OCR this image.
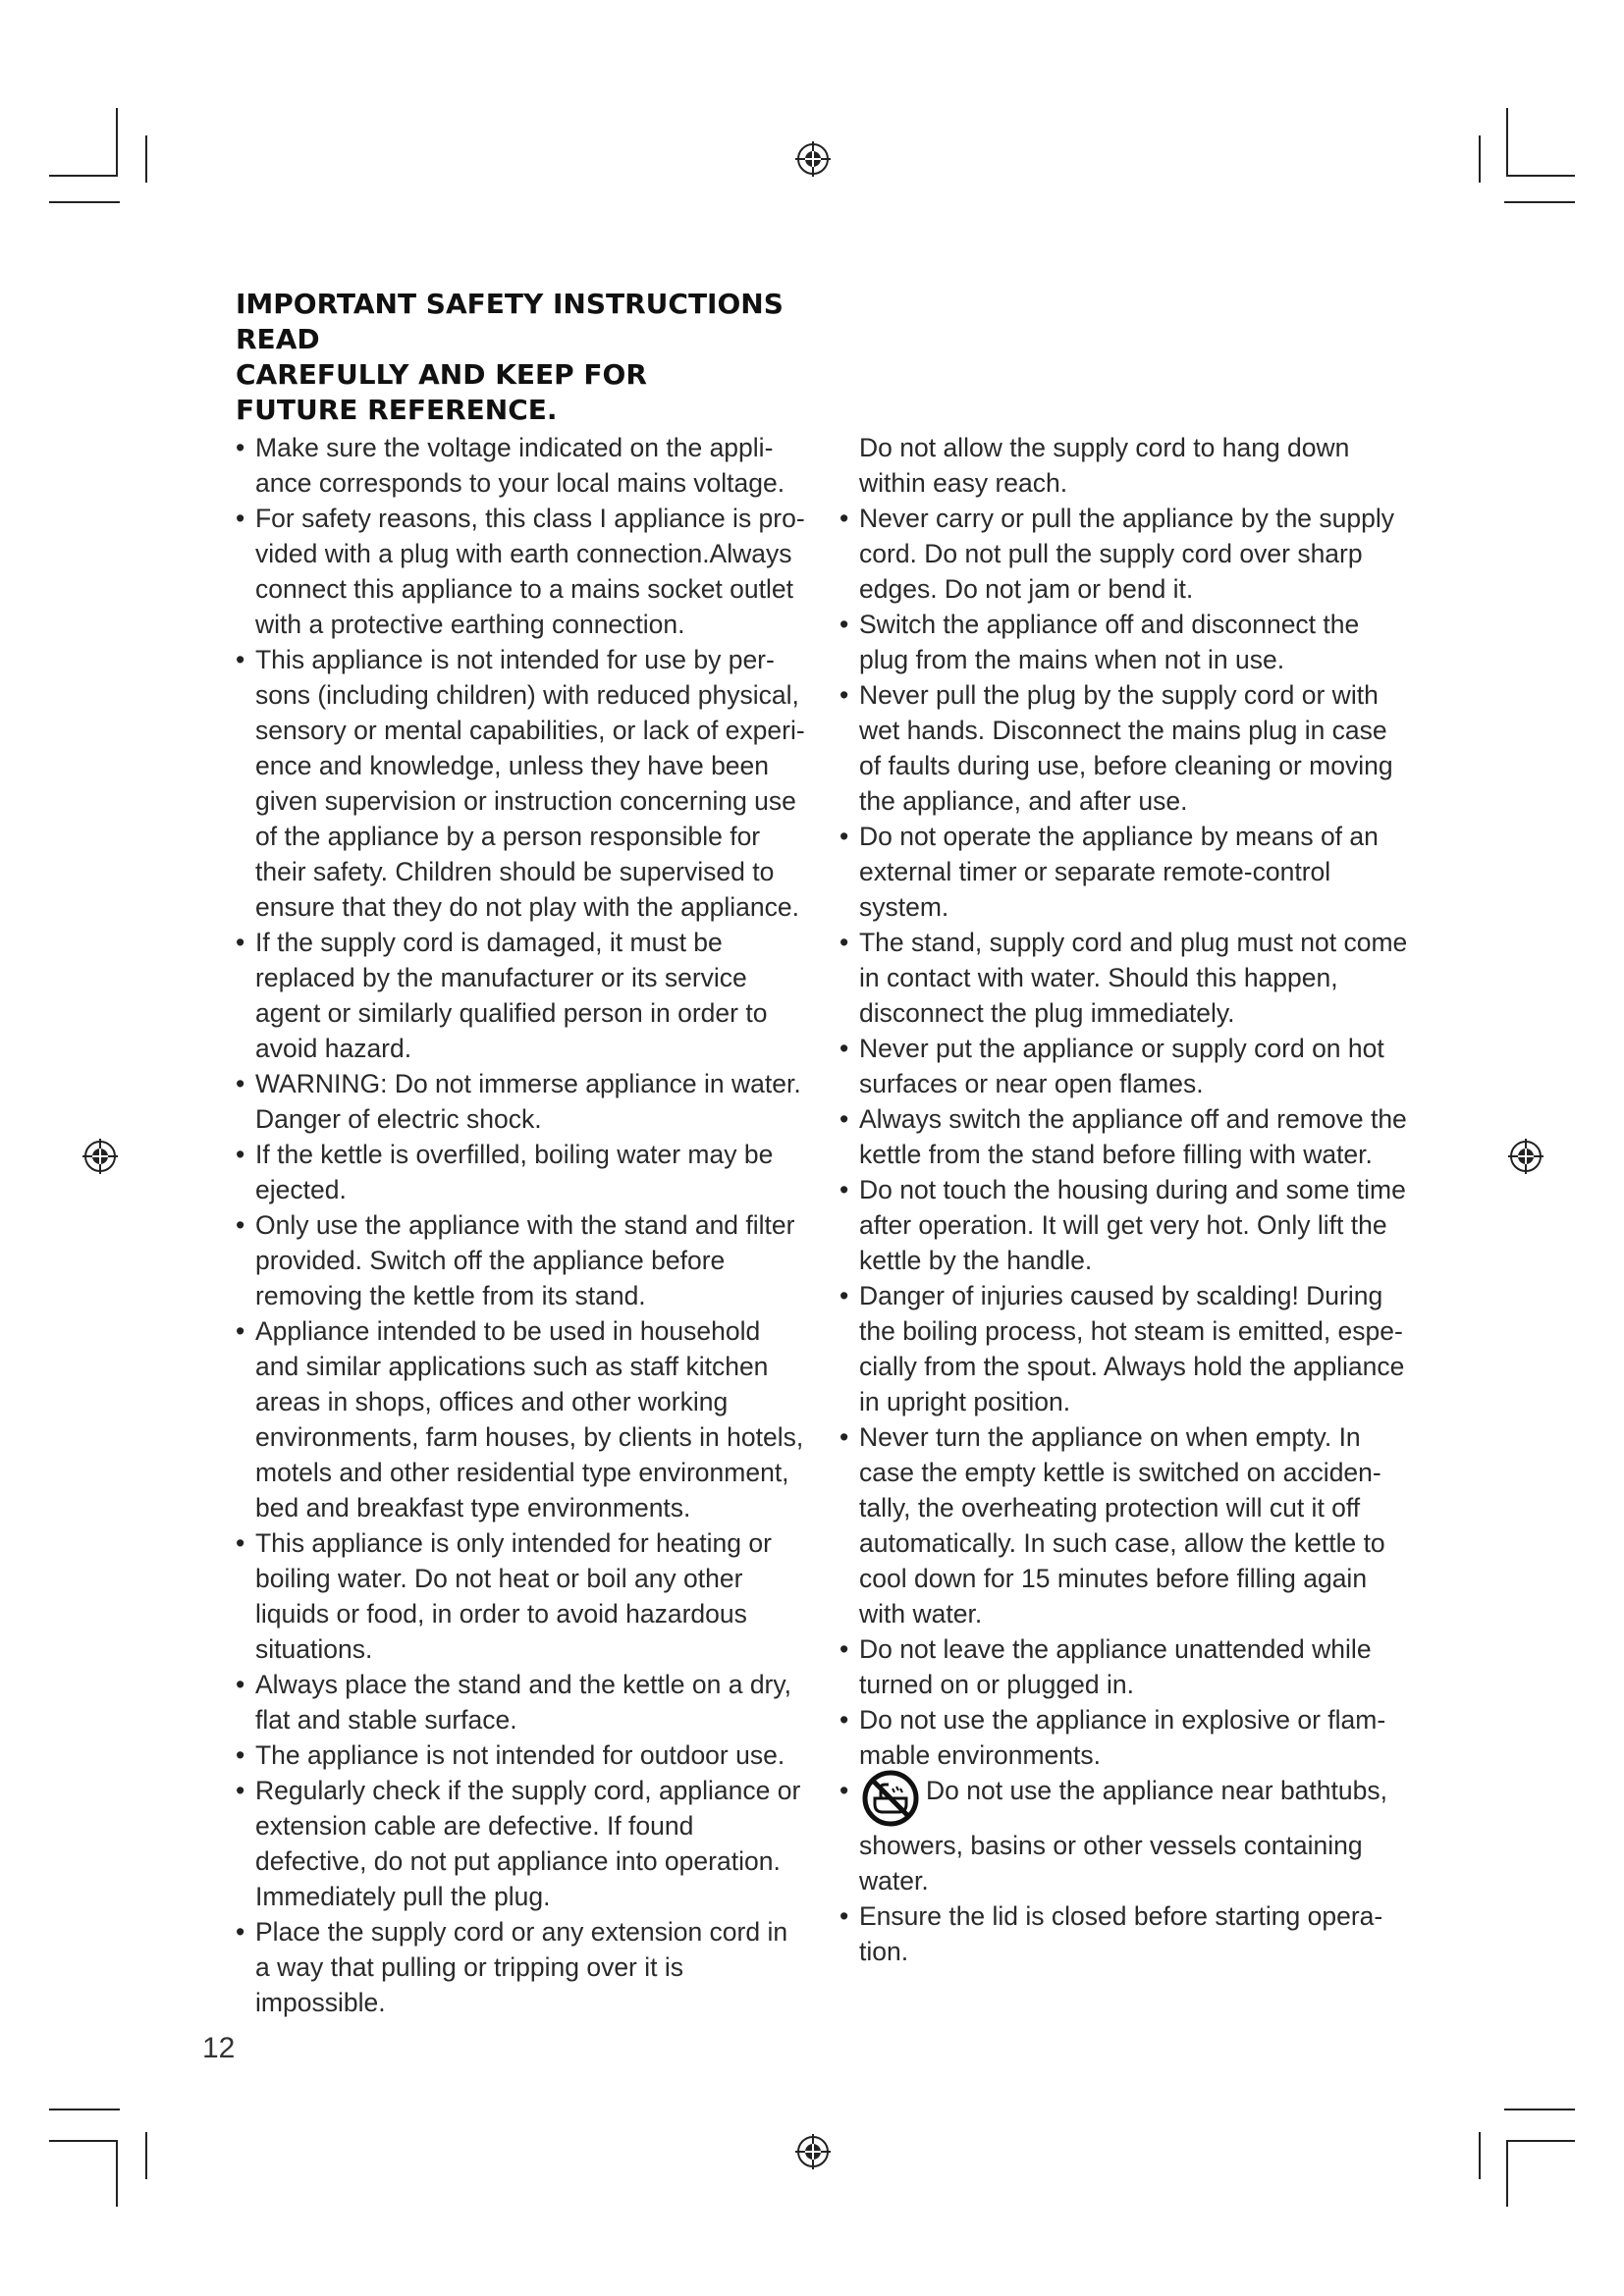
IMPORTANT SAFETY INSTRUCTIONS READ
CAREFULLY AND KEEP FOR
FUTURE REFERENCE.
• Make sure the voltage indicated on the appliance corresponds to your local mains voltage.
• For safety reasons, this class I appliance is provided with a plug with earth connection.Always connect this appliance to a mains socket outlet with a protective earthing connection.
• This appliance is not intended for use by persons (including children) with reduced physical, sensory or mental capabilities, or lack of experience and knowledge, unless they have been given supervision or instruction concerning use of the appliance by a person responsible for their safety. Children should be supervised to ensure that they do not play with the appliance.
• If the supply cord is damaged, it must be replaced by the manufacturer or its service agent or similarly qualified person in order to avoid hazard.
• WARNING: Do not immerse appliance in water. Danger of electric shock.
• If the kettle is overfilled, boiling water may be ejected.
• Only use the appliance with the stand and filter provided. Switch off the appliance before removing the kettle from its stand.
• Appliance intended to be used in household and similar applications such as staff kitchen areas in shops, offices and other working environments, farm houses, by clients in hotels, motels and other residential type environment, bed and breakfast type environments.
• This appliance is only intended for heating or boiling water. Do not heat or boil any other liquids or food, in order to avoid hazardous situations.
• Always place the stand and the kettle on a dry, flat and stable surface.
• The appliance is not intended for outdoor use.
• Regularly check if the supply cord, appliance or extension cable are defective. If found defective, do not put appliance into operation. Immediately pull the plug.
• Place the supply cord or any extension cord in a way that pulling or tripping over it is impossible.
Do not allow the supply cord to hang down within easy reach.
• Never carry or pull the appliance by the supply cord. Do not pull the supply cord over sharp edges. Do not jam or bend it.
• Switch the appliance off and disconnect the plug from the mains when not in use.
• Never pull the plug by the supply cord or with wet hands. Disconnect the mains plug in case of faults during use, before cleaning or moving the appliance, and after use.
• Do not operate the appliance by means of an external timer or separate remote-control system.
• The stand, supply cord and plug must not come in contact with water. Should this happen, disconnect the plug immediately.
• Never put the appliance or supply cord on hot surfaces or near open flames.
• Always switch the appliance off and remove the kettle from the stand before filling with water.
• Do not touch the housing during and some time after operation. It will get very hot. Only lift the kettle by the handle.
• Danger of injuries caused by scalding! During the boiling process, hot steam is emitted, especially from the spout. Always hold the appliance in upright position.
• Never turn the appliance on when empty. In case the empty kettle is switched on accidentally, the overheating protection will cut it off automatically. In such case, allow the kettle to cool down for 15 minutes before filling again with water.
• Do not leave the appliance unattended while turned on or plugged in.
• Do not use the appliance in explosive or flammable environments.
• Do not use the appliance near bathtubs, showers, basins or other vessels containing water.
• Ensure the lid is closed before starting operation.

12
